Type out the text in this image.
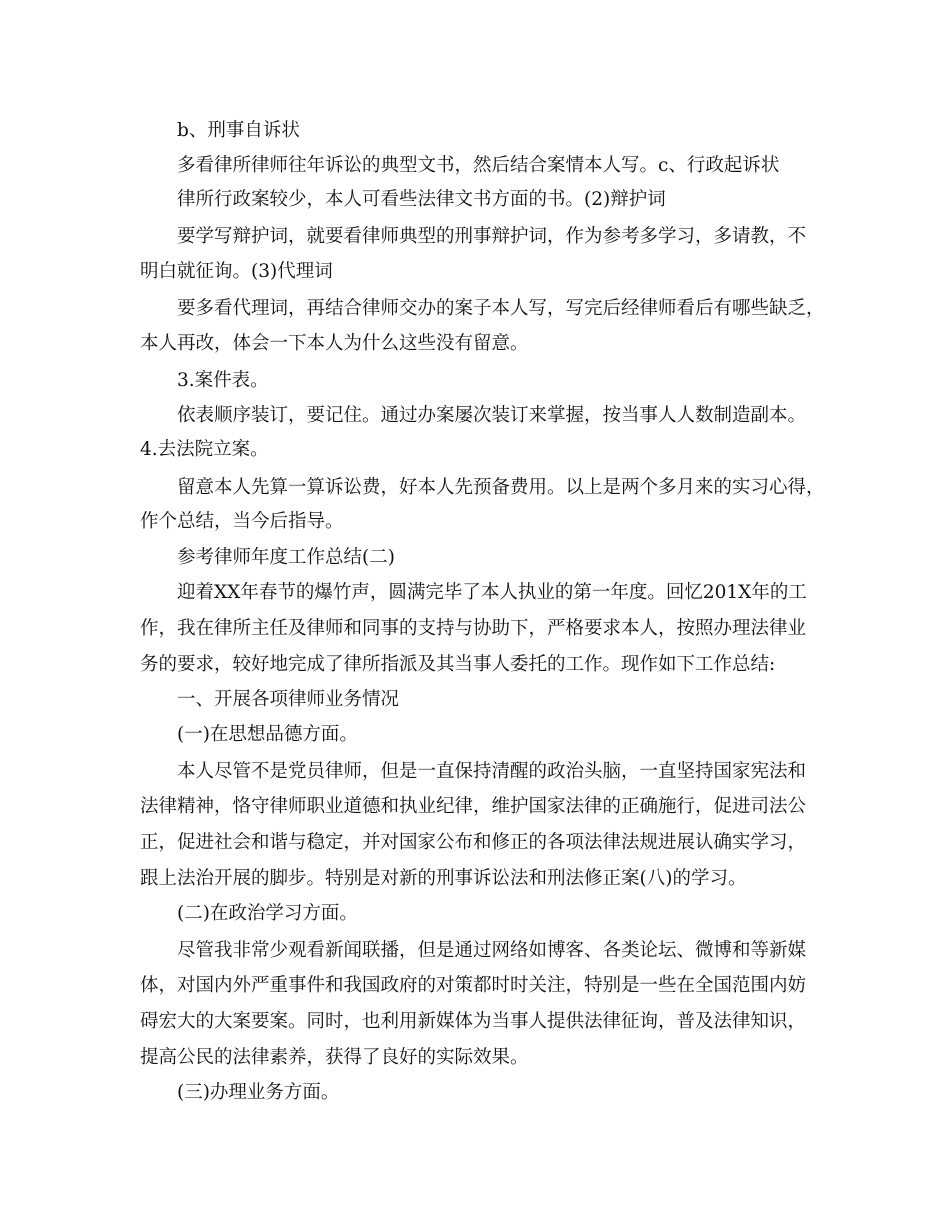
b、刑事自诉状
多看律所律师往年诉讼的典型文书，然后结合案情本人写。c、行政起诉状
律所行政案较少，本人可看些法律文书方面的书。(2)辩护词
要学写辩护词，就要看律师典型的刑事辩护词，作为参考多学习，多请教，不
明白就征询。(3)代理词
要多看代理词，再结合律师交办的案子本人写，写完后经律师看后有哪些缺乏，
本人再改，体会一下本人为什么这些没有留意。
3.案件表。
依表顺序装订，要记住。通过办案屡次装订来掌握，按当事人人数制造副本。
4.去法院立案。
留意本人先算一算诉讼费，好本人先预备费用。以上是两个多月来的实习心得，
作个总结，当今后指导。
参考律师年度工作总结(二)
迎着XX年春节的爆竹声，圆满完毕了本人执业的第一年度。回忆201X年的工
作，我在律所主任及律师和同事的支持与协助下，严格要求本人，按照办理法律业
务的要求，较好地完成了律所指派及其当事人委托的工作。现作如下工作总结:
一、开展各项律师业务情况
(一)在思想品德方面。
本人尽管不是党员律师，但是一直保持清醒的政治头脑，一直坚持国家宪法和
法律精神，恪守律师职业道德和执业纪律，维护国家法律的正确施行，促进司法公
正，促进社会和谐与稳定，并对国家公布和修正的各项法律法规进展认确实学习，
跟上法治开展的脚步。特别是对新的刑事诉讼法和刑法修正案(八)的学习。
(二)在政治学习方面。
尽管我非常少观看新闻联播，但是通过网络如博客、各类论坛、微博和等新媒
体，对国内外严重事件和我国政府的对策都时时关注，特别是一些在全国范围内妨
碍宏大的大案要案。同时，也利用新媒体为当事人提供法律征询，普及法律知识，
提高公民的法律素养，获得了良好的实际效果。
(三)办理业务方面。
